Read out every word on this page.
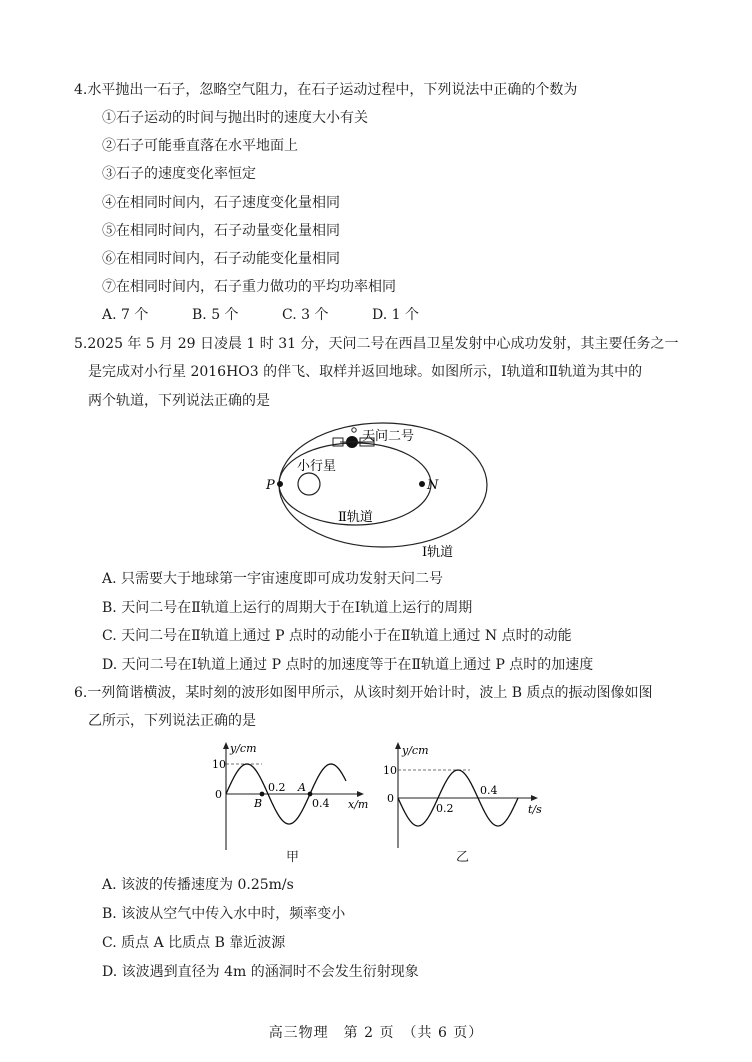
4.水平抛出一石子，忽略空气阻力，在石子运动过程中，下列说法中正确的个数为
①石子运动的时间与抛出时的速度大小有关
②石子可能垂直落在水平地面上
③石子的速度变化率恒定
④在相同时间内，石子速度变化量相同
⑤在相同时间内，石子动量变化量相同
⑥在相同时间内，石子动能变化量相同
⑦在相同时间内，石子重力做功的平均功率相同
A. 7 个	B. 5 个	C. 3 个	D. 1 个
5.2025 年 5 月 29 日凌晨 1 时 31 分，天问二号在西昌卫星发射中心成功发射，其主要任务之一
是完成对小行星 2016HO3 的伴飞、取样并返回地球。如图所示，Ⅰ轨道和Ⅱ轨道为其中的
两个轨道，下列说法正确的是
天问二号
小行星
P	N
Ⅱ轨道
Ⅰ轨道
A. 只需要大于地球第一宇宙速度即可成功发射天问二号
B. 天问二号在Ⅱ轨道上运行的周期大于在Ⅰ轨道上运行的周期
C. 天问二号在Ⅱ轨道上通过 P 点时的动能小于在Ⅱ轨道上通过 N 点时的动能
D. 天问二号在Ⅰ轨道上通过 P 点时的加速度等于在Ⅱ轨道上通过 P 点时的加速度
6.一列简谐横波，某时刻的波形如图甲所示，从该时刻开始计时，波上 B 质点的振动图像如图
乙所示，下列说法正确的是
y/cm
10
0
0.2
0.4
B
A
x/m
甲
y/cm
10
0
0.2
0.4
t/s
乙
A. 该波的传播速度为 0.25m/s
B. 该波从空气中传入水中时，频率变小
C. 质点 A 比质点 B 靠近波源
D. 该波遇到直径为 4m 的涵洞时不会发生衍射现象
高三物理　第 2 页　（共 6 页）
